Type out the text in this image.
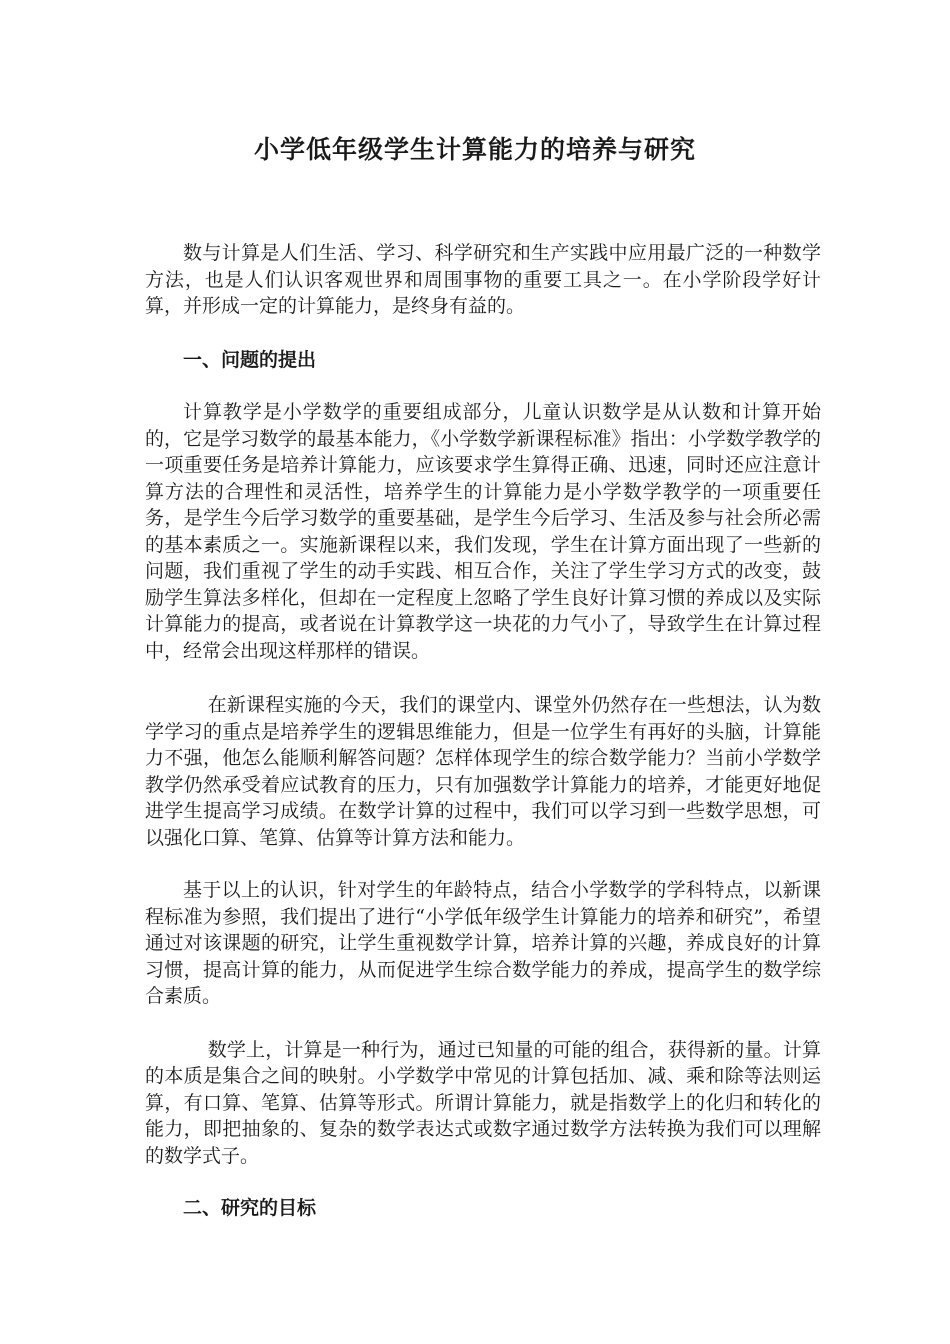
小学低年级学生计算能力的培养与研究

数与计算是人们生活、学习、科学研究和生产实践中应用最广泛的一种数学方法，也是人们认识客观世界和周围事物的重要工具之一。在小学阶段学好计算，并形成一定的计算能力，是终身有益的。

一、问题的提出

计算教学是小学数学的重要组成部分，儿童认识数学是从认数和计算开始的，它是学习数学的最基本能力，《小学数学新课程标准》指出：小学数学教学的一项重要任务是培养计算能力，应该要求学生算得正确、迅速，同时还应注意计算方法的合理性和灵活性，培养学生的计算能力是小学数学教学的一项重要任务，是学生今后学习数学的重要基础，是学生今后学习、生活及参与社会所必需的基本素质之一。实施新课程以来，我们发现，学生在计算方面出现了一些新的问题，我们重视了学生的动手实践、相互合作，关注了学生学习方式的改变，鼓励学生算法多样化，但却在一定程度上忽略了学生良好计算习惯的养成以及实际计算能力的提高，或者说在计算教学这一块花的力气小了，导致学生在计算过程中，经常会出现这样那样的错误。

在新课程实施的今天，我们的课堂内、课堂外仍然存在一些想法，认为数学学习的重点是培养学生的逻辑思维能力，但是一位学生有再好的头脑，计算能力不强，他怎么能顺利解答问题？怎样体现学生的综合数学能力？当前小学数学教学仍然承受着应试教育的压力，只有加强数学计算能力的培养，才能更好地促进学生提高学习成绩。在数学计算的过程中，我们可以学习到一些数学思想，可以强化口算、笔算、估算等计算方法和能力。

基于以上的认识，针对学生的年龄特点，结合小学数学的学科特点，以新课程标准为参照，我们提出了进行“小学低年级学生计算能力的培养和研究”，希望通过对该课题的研究，让学生重视数学计算，培养计算的兴趣，养成良好的计算习惯，提高计算的能力，从而促进学生综合数学能力的养成，提高学生的数学综合素质。

数学上，计算是一种行为，通过已知量的可能的组合，获得新的量。计算的本质是集合之间的映射。小学数学中常见的计算包括加、减、乘和除等法则运算，有口算、笔算、估算等形式。所谓计算能力，就是指数学上的化归和转化的能力，即把抽象的、复杂的数学表达式或数字通过数学方法转换为我们可以理解的数学式子。

二、研究的目标
